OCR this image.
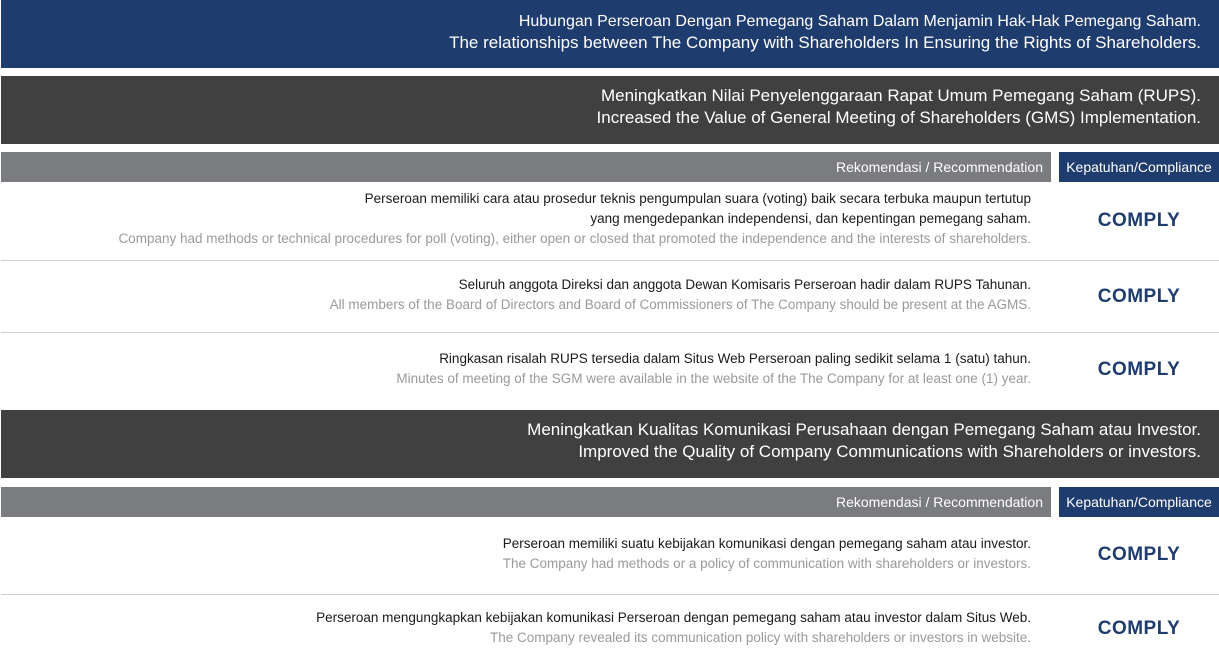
Hubungan Perseroan Dengan Pemegang Saham Dalam Menjamin Hak-Hak Pemegang Saham.
The relationships between The Company with Shareholders In Ensuring the Rights of Shareholders.
Meningkatkan Nilai Penyelenggaraan Rapat Umum Pemegang Saham (RUPS).
Increased the Value of General Meeting of Shareholders (GMS) Implementation.
Rekomendasi / Recommendation	Kepatuhan/Compliance
Perseroan memiliki cara atau prosedur teknis pengumpulan suara (voting) baik secara terbuka maupun tertutup
yang mengedepankan independensi, dan kepentingan pemegang saham.
Company had methods or technical procedures for poll (voting), either open or closed that promoted the independence and the interests of shareholders.
COMPLY
Seluruh anggota Direksi dan anggota Dewan Komisaris Perseroan hadir dalam RUPS Tahunan.
All members of the Board of Directors and Board of Commissioners of The Company should be present at the AGMS.	COMPLY
Ringkasan risalah RUPS tersedia dalam Situs Web Perseroan paling sedikit selama 1 (satu) tahun.
Minutes of meeting of the SGM were available in the website of the The Company for at least one (1) year.	COMPLY
Meningkatkan Kualitas Komunikasi Perusahaan dengan Pemegang Saham atau Investor.
Improved the Quality of Company Communications with Shareholders or investors.
Rekomendasi / Recommendation	Kepatuhan/Compliance
Perseroan memiliki suatu kebijakan komunikasi dengan pemegang saham atau investor.
The Company had methods or a policy of communication with shareholders or investors.	COMPLY
Perseroan mengungkapkan kebijakan komunikasi Perseroan dengan pemegang saham atau investor dalam Situs Web.
The Company revealed its communication policy with shareholders or investors in website.	COMPLY
